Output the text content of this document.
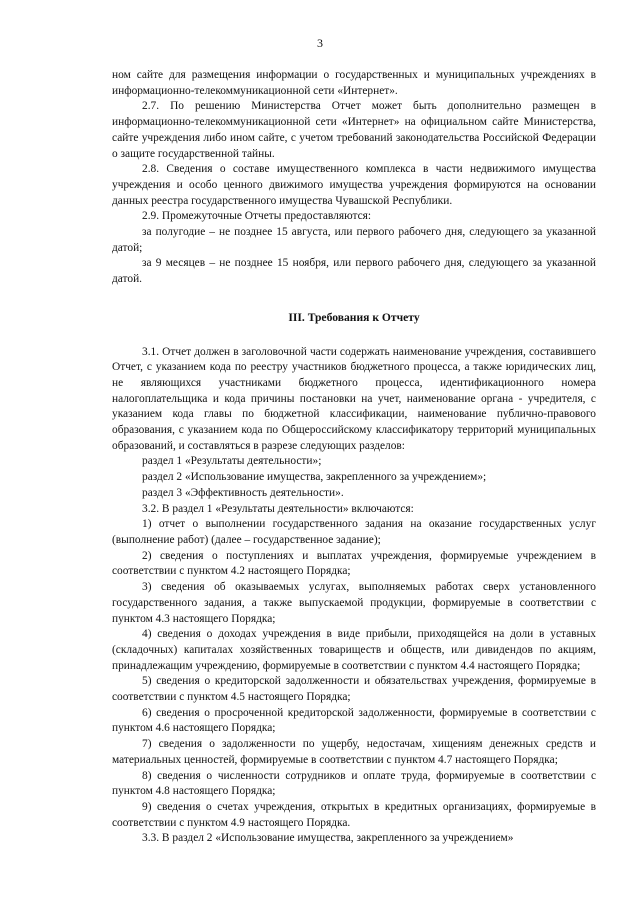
3

ном сайте для размещения информации о государственных и муниципальных учреждениях в информационно-телекоммуникационной сети «Интернет».

2.7. По решению Министерства Отчет может быть дополнительно размещен в информационно-телекоммуникационной сети «Интернет» на официальном сайте Министерства, сайте учреждения либо ином сайте, с учетом требований законодательства Российской Федерации о защите государственной тайны.

2.8. Сведения о составе имущественного комплекса в части недвижимого имущества учреждения и особо ценного движимого имущества учреждения формируются на основании данных реестра государственного имущества Чувашской Республики.

2.9. Промежуточные Отчеты предоставляются:

за полугодие – не позднее 15 августа, или первого рабочего дня, следующего за указанной датой;

за 9 месяцев – не позднее 15 ноября, или первого рабочего дня, следующего за указанной датой.

III. Требования к Отчету

3.1. Отчет должен в заголовочной части содержать наименование учреждения, составившего Отчет, с указанием кода по реестру участников бюджетного процесса, а также юридических лиц, не являющихся участниками бюджетного процесса, идентификационного номера налогоплательщика и кода причины постановки на учет, наименование органа - учредителя, с указанием кода главы по бюджетной классификации, наименование публично-правового образования, с указанием кода по Общероссийскому классификатору территорий муниципальных образований, и составляться в разрезе следующих разделов:

раздел 1 «Результаты деятельности»;

раздел 2 «Использование имущества, закрепленного за учреждением»;

раздел 3 «Эффективность деятельности».

3.2. В раздел 1 «Результаты деятельности» включаются:

1) отчет о выполнении государственного задания на оказание государственных услуг (выполнение работ) (далее – государственное задание);

2) сведения о поступлениях и выплатах учреждения, формируемые учреждением в соответствии с пунктом 4.2 настоящего Порядка;

3) сведения об оказываемых услугах, выполняемых работах сверх установленного государственного задания, а также выпускаемой продукции, формируемые в соответствии с пунктом 4.3 настоящего Порядка;

4) сведения о доходах учреждения в виде прибыли, приходящейся на доли в уставных (складочных) капиталах хозяйственных товариществ и обществ, или дивидендов по акциям, принадлежащим учреждению, формируемые в соответствии с пунктом 4.4 настоящего Порядка;

5) сведения о кредиторской задолженности и обязательствах учреждения, формируемые в соответствии с пунктом 4.5 настоящего Порядка;

6) сведения о просроченной кредиторской задолженности, формируемые в соответствии с пунктом 4.6 настоящего Порядка;

7) сведения о задолженности по ущербу, недостачам, хищениям денежных средств и материальных ценностей, формируемые в соответствии с пунктом 4.7 настоящего Порядка;

8) сведения о численности сотрудников и оплате труда, формируемые в соответствии с пунктом 4.8 настоящего Порядка;

9) сведения о счетах учреждения, открытых в кредитных организациях, формируемые в соответствии с пунктом 4.9 настоящего Порядка.

3.3. В раздел 2 «Использование имущества, закрепленного за учреждением»
